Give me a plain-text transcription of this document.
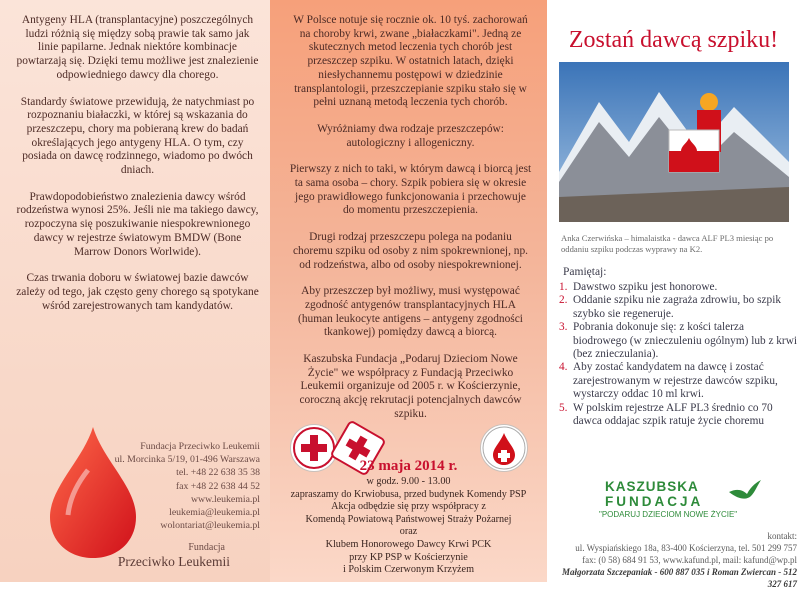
Antygeny HLA (transplantacyjne) poszczególnych ludzi różnią się między sobą prawie tak samo jak linie papilarne. Jednak niektóre kombinacje powtarzają się. Dzięki temu możliwe jest znalezienie odpowiedniego dawcy dla chorego.

Standardy światowe przewidują, że natychmiast po rozpoznaniu białaczki, w której są wskazania do przeszczepu, chory ma pobieraną krew do badań określających jego antygeny HLA. O tym, czy posiada on dawcę rodzinnego, wiadomo po dwóch dniach.

Prawdopodobieństwo znalezienia dawcy wśród rodzeństwa wynosi 25%. Jeśli nie ma takiego dawcy, rozpoczyna się poszukiwanie niespokrewnionego dawcy w rejestrze światowym BMDW (Bone Marrow Donors Worlwide).

Czas trwania doboru w światowej bazie dawców zależy od tego, jak często geny chorego są spotykane wśród zarejestrowanych tam kandydatów.

Fundacja Przeciwko Leukemii
ul. Morcinka 5/19, 01-496 Warszawa
tel. +48 22 638 35 38
fax +48 22 638 44 52
www.leukemia.pl
leukemia@leukemia.pl
wolontariat@leukemia.pl
Fundacja
Przeciwko Leukemii

W Polsce notuje się rocznie ok. 10 tyś. zachorowań na choroby krwi, zwane „białaczkami". Jedną ze skutecznych metod leczenia tych chorób jest przeszczep szpiku. W ostatnich latach, dzięki niesłychannemu postępowi w dziedzinie transplantologii, przeszczepianie szpiku stało się w pełni uznaną metodą leczenia tych chorób.

Wyróżniamy dwa rodzaje przeszczepów: autologiczny i allogeniczny.

Pierwszy z nich to taki, w którym dawcą i biorcą jest ta sama osoba – chory. Szpik pobiera się w okresie jego prawidłowego funkcjonowania i przechowuje do momentu przeszczepienia.

Drugi rodzaj przeszczepu polega na podaniu choremu szpiku od osoby z nim spokrewnionej, np. od rodzeństwa, albo od osoby niespokrewnionej.

Aby przeszczep był możliwy, musi występować zgodność antygenów transplantacyjnych HLA (human leukocyte antigens – antygeny zgodności tkankowej) pomiędzy dawcą a biorcą.

Kaszubska Fundacja „Podaruj Dzieciom Nowe Życie" we współpracy z Fundacją Przeciwko Leukemii organizuje od 2005 r. w Kościerzynie, coroczną akcję rekrutacji potencjalnych dawców szpiku.

23 maja 2014 r.
w godz. 9.00 - 13.00
zapraszamy do Krwiobusa, przed budynek Komendy PSP
Akcja odbędzie się przy współpracy z
Komendą Powiatową Państwowej Straży Pożarnej
oraz
Klubem Honorowego Dawcy Krwi PCK
przy KP PSP w Kościerzynie
i Polskim Czerwonym Krzyżem
Zostań dawcą szpiku!
Anka Czerwińska – himalaistka - dawca ALF PL3 miesiąc po oddaniu szpiku podczas wyprawy na K2.
Pamiętaj:
1. Dawstwo szpiku jest honorowe.
2. Oddanie szpiku nie zagraża zdrowiu, bo szpik szybko sie regeneruje.
3. Pobrania dokonuje się: z kości talerza biodrowego (w znieczuleniu ogólnym) lub z krwi (bez znieczulania).
4. Aby zostać kandydatem na dawcę i zostać zarejestrowanym w rejestrze dawców szpiku, wystarczy oddac 10 ml krwi.
5. W polskim rejestrze ALF PL3 średnio co 70 dawca oddajac szpik ratuje życie choremu
KASZUBSKA
FUNDACJA
"PODARUJ DZIECIOM NOWE ŻYCIE"
kontakt:
ul. Wyspiańskiego 18a, 83-400 Kościerzyna, tel. 501 299 757
fax: (0 58) 684 91 53, www.kafund.pl, mail: kafund@wp.pl
Małgorzata Szczepaniak - 600 887 035 i Roman Zwiercan - 512 327 617
